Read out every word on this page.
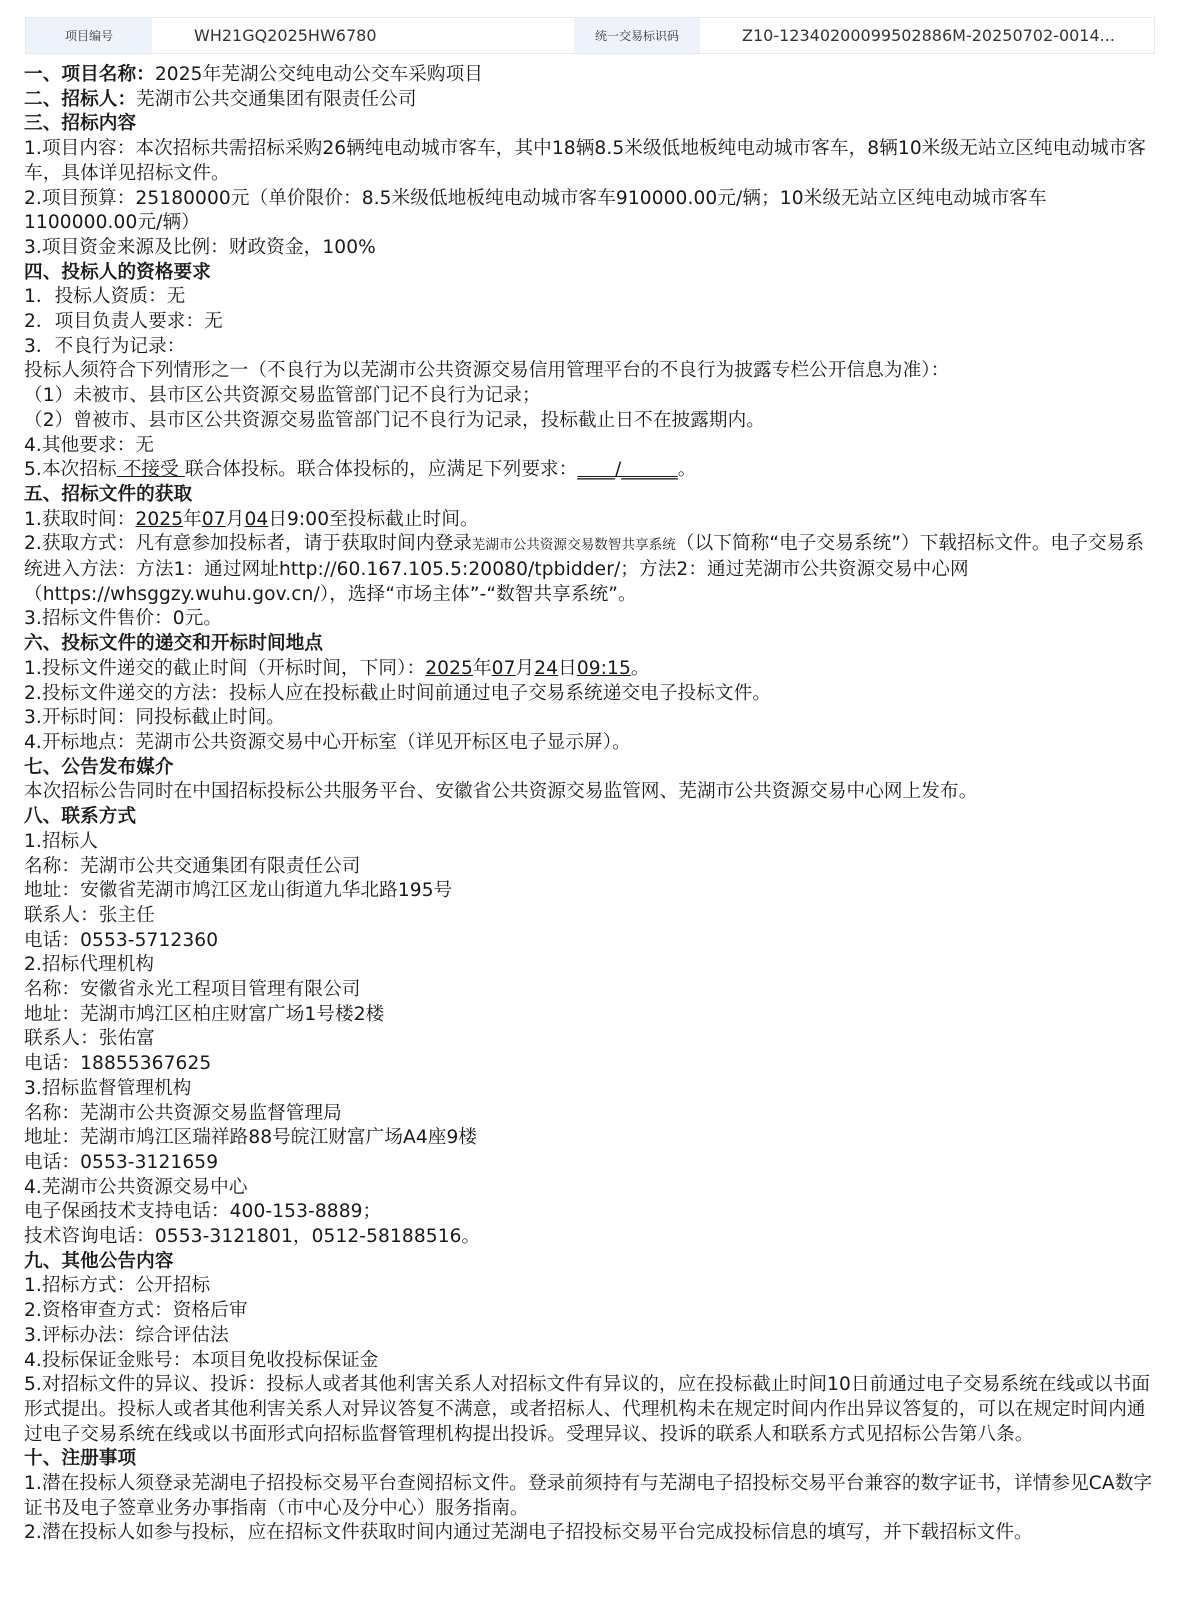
项目编号	WH21GQ2025HW6780	统一交易标识码	Z10-12340200099502886M-20250702-0014...

一、项目名称：2025年芜湖公交纯电动公交车采购项目

二、招标人：芜湖市公共交通集团有限责任公司

三、招标内容

1.项目内容：本次招标共需招标采购26辆纯电动城市客车，其中18辆8.5米级低地板纯电动城市客车，8辆10米级无站立区纯电动城市客车，具体详见招标文件。

2.项目预算：25180000元（单价限价：8.5米级低地板纯电动城市客车910000.00元/辆；10米级无站立区纯电动城市客车1100000.00元/辆）

3.项目资金来源及比例：财政资金，100%

四、投标人的资格要求

1．投标人资质：无

2．项目负责人要求：无

3．不良行为记录：

投标人须符合下列情形之一（不良行为以芜湖市公共资源交易信用管理平台的不良行为披露专栏公开信息为准）：

（1）未被市、县市区公共资源交易监管部门记不良行为记录；

（2）曾被市、县市区公共资源交易监管部门记不良行为记录，投标截止日不在披露期内。

4.其他要求：无

5.本次招标 不接受 联合体投标。联合体投标的，应满足下列要求：____/______。

五、招标文件的获取

1.获取时间：2025年07月04日9:00至投标截止时间。

2.获取方式：凡有意参加投标者，请于获取时间内登录芜湖市公共资源交易数智共享系统（以下简称“电子交易系统”）下载招标文件。电子交易系统进入方法：方法1：通过网址http://60.167.105.5:20080/tpbidder/；方法2：通过芜湖市公共资源交易中心网（https://whsggzy.wuhu.gov.cn/），选择“市场主体”-“数智共享系统”。

3.招标文件售价：0元。

六、投标文件的递交和开标时间地点

1.投标文件递交的截止时间（开标时间，下同）：2025年07月24日09:15。

2.投标文件递交的方法：投标人应在投标截止时间前通过电子交易系统递交电子投标文件。

3.开标时间：同投标截止时间。

4.开标地点：芜湖市公共资源交易中心开标室（详见开标区电子显示屏）。

七、公告发布媒介

本次招标公告同时在中国招标投标公共服务平台、安徽省公共资源交易监管网、芜湖市公共资源交易中心网上发布。

八、联系方式

1.招标人

名称：芜湖市公共交通集团有限责任公司

地址：安徽省芜湖市鸠江区龙山街道九华北路195号

联系人：张主任

电话：0553-5712360

2.招标代理机构

名称：安徽省永光工程项目管理有限公司

地址：芜湖市鸠江区柏庄财富广场1号楼2楼

联系人：张佑富

电话：18855367625

3.招标监督管理机构

名称：芜湖市公共资源交易监督管理局

地址：芜湖市鸠江区瑞祥路88号皖江财富广场A4座9楼

电话：0553-3121659

4.芜湖市公共资源交易中心

电子保函技术支持电话：400-153-8889；

技术咨询电话：0553-3121801，0512-58188516。

九、其他公告内容

1.招标方式：公开招标

2.资格审查方式：资格后审

3.评标办法：综合评估法

4.投标保证金账号：本项目免收投标保证金

5.对招标文件的异议、投诉：投标人或者其他利害关系人对招标文件有异议的，应在投标截止时间10日前通过电子交易系统在线或以书面形式提出。投标人或者其他利害关系人对异议答复不满意，或者招标人、代理机构未在规定时间内作出异议答复的，可以在规定时间内通过电子交易系统在线或以书面形式向招标监督管理机构提出投诉。受理异议、投诉的联系人和联系方式见招标公告第八条。

十、注册事项

1.潜在投标人须登录芜湖电子招投标交易平台查阅招标文件。登录前须持有与芜湖电子招投标交易平台兼容的数字证书，详情参见CA数字证书及电子签章业务办事指南（市中心及分中心）服务指南。

2.潜在投标人如参与投标，应在招标文件获取时间内通过芜湖电子招投标交易平台完成投标信息的填写，并下载招标文件。
